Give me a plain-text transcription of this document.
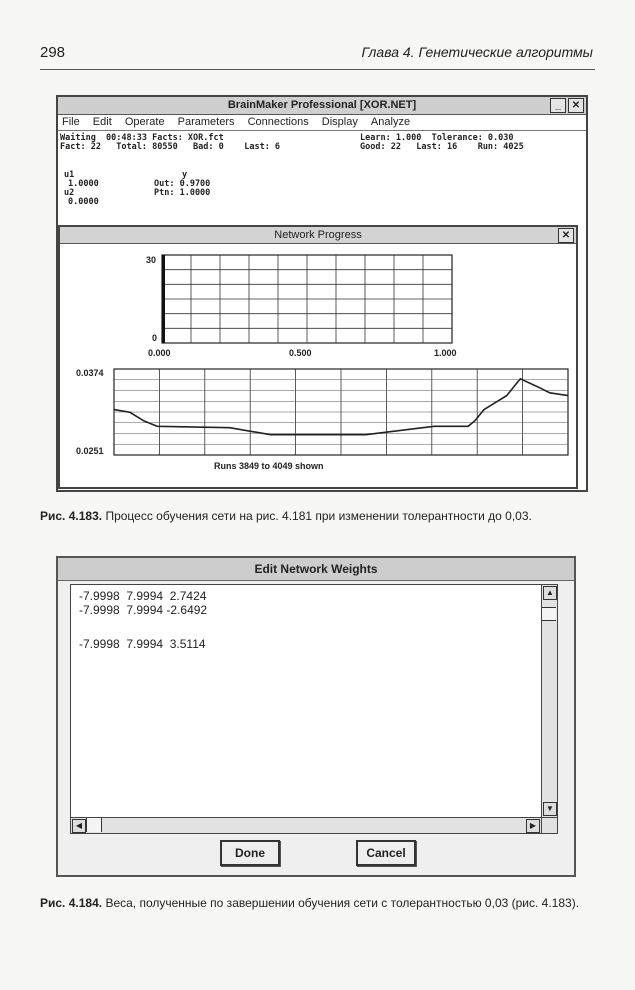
298	Глава 4. Генетические алгоритмы
BrainMaker Professional [XOR.NET]	_	✕
File Edit Operate Parameters Connections Display Analyze
Waiting  00:48:33 Facts: XOR.fct	Learn: 1.000  Tolerance: 0.030
Fact: 22   Total: 80550   Bad: 0    Last: 6	Good: 22   Last: 16    Run: 4025
u1
1.0000
u2
0.0000
y
Out: 0.9700
Ptn: 1.0000
Network Progress	✕
30
0
0.000	0.500	1.000
0.0374
0.0251
Runs 3849 to 4049 shown
Рис. 4.183. Процесс обучения сети на рис. 4.181 при изменении толерантности до 0,03.
Edit Network Weights
-7.9998  7.9994  2.7424
-7.9998  7.9994 -2.6492
-7.9998  7.9994  3.5114
▲
▼
◀	▶
Done	Cancel
Рис. 4.184. Веса, полученные по завершении обучения сети с толерантностью 0,03 (рис. 4.183).
